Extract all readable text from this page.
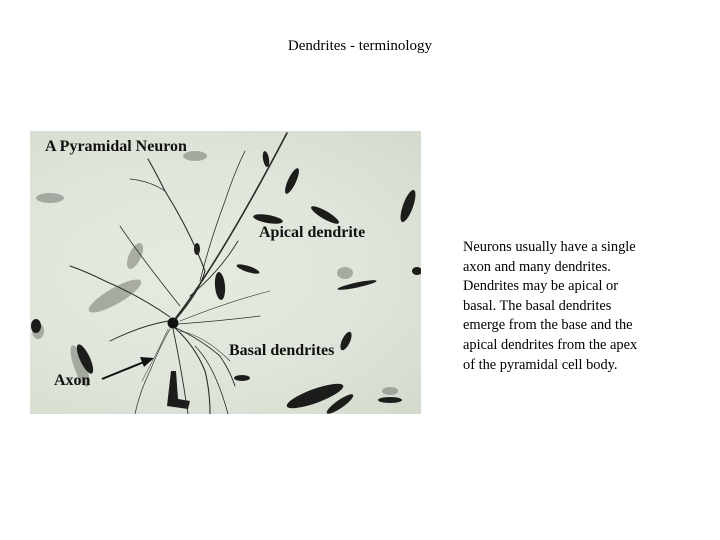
Dendrites - terminology
A Pyramidal Neuron
Apical dendrite
Basal dendrites
Axon
Neurons usually have a single axon and many dendrites. Dendrites may be apical or basal. The basal dendrites emerge from the base and the apical dendrites from the apex of the pyramidal cell body.
